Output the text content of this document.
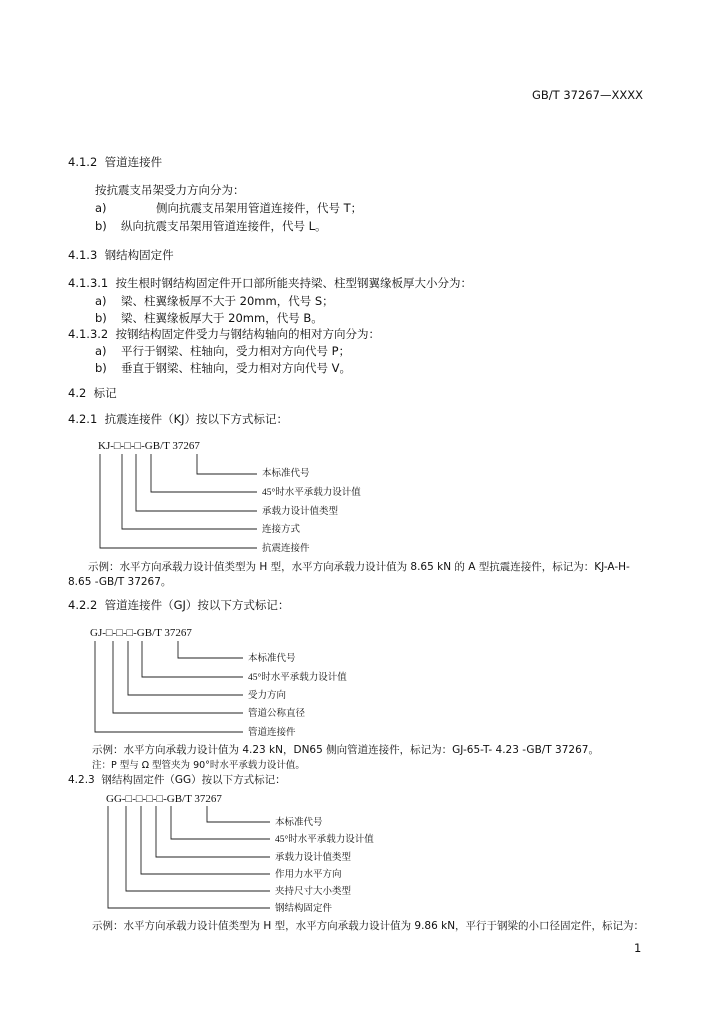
GB/T 37267—XXXX
4.1.2 管道连接件
按抗震支吊架受力方向分为：
a)	侧向抗震支吊架用管道连接件，代号 T；
b) 纵向抗震支吊架用管道连接件，代号 L。
4.1.3 钢结构固定件
4.1.3.1 按生根时钢结构固定件开口部所能夹持梁、柱型钢翼缘板厚大小分为：
a) 梁、柱翼缘板厚不大于 20mm，代号 S；
b) 梁、柱翼缘板厚大于 20mm，代号 B。
4.1.3.2 按钢结构固定件受力与钢结构轴向的相对方向分为：
a) 平行于钢梁、柱轴向，受力相对方向代号 P；
b) 垂直于钢梁、柱轴向，受力相对方向代号 V。
4.2 标记
4.2.1 抗震连接件（KJ）按以下方式标记：
KJ-□-□-□-GB/T 37267
本标准代号
45°时水平承载力设计值
承载力设计值类型
连接方式
抗震连接件
示例：水平方向承载力设计值类型为 H 型，水平方向承载力设计值为 8.65 kN 的 A 型抗震连接件，标记为：KJ-A-H-
8.65 -GB/T 37267。
4.2.2 管道连接件（GJ）按以下方式标记：
GJ-□-□-□-GB/T 37267
本标准代号
45°时水平承载力设计值
受力方向
管道公称直径
管道连接件
示例：水平方向承载力设计值为 4.23 kN，DN65 侧向管道连接件，标记为：GJ-65-T- 4.23 -GB/T 37267。
注：P 型与 Ω 型管夹为 90°时水平承载力设计值。
4.2.3 钢结构固定件（GG）按以下方式标记：
GG-□-□-□-□-GB/T 37267
本标准代号
45°时水平承载力设计值
承载力设计值类型
作用力水平方向
夹持尺寸大小类型
钢结构固定件
示例：水平方向承载力设计值类型为 H 型，水平方向承载力设计值为 9.86 kN，平行于钢梁的小口径固定件，标记为：
1
